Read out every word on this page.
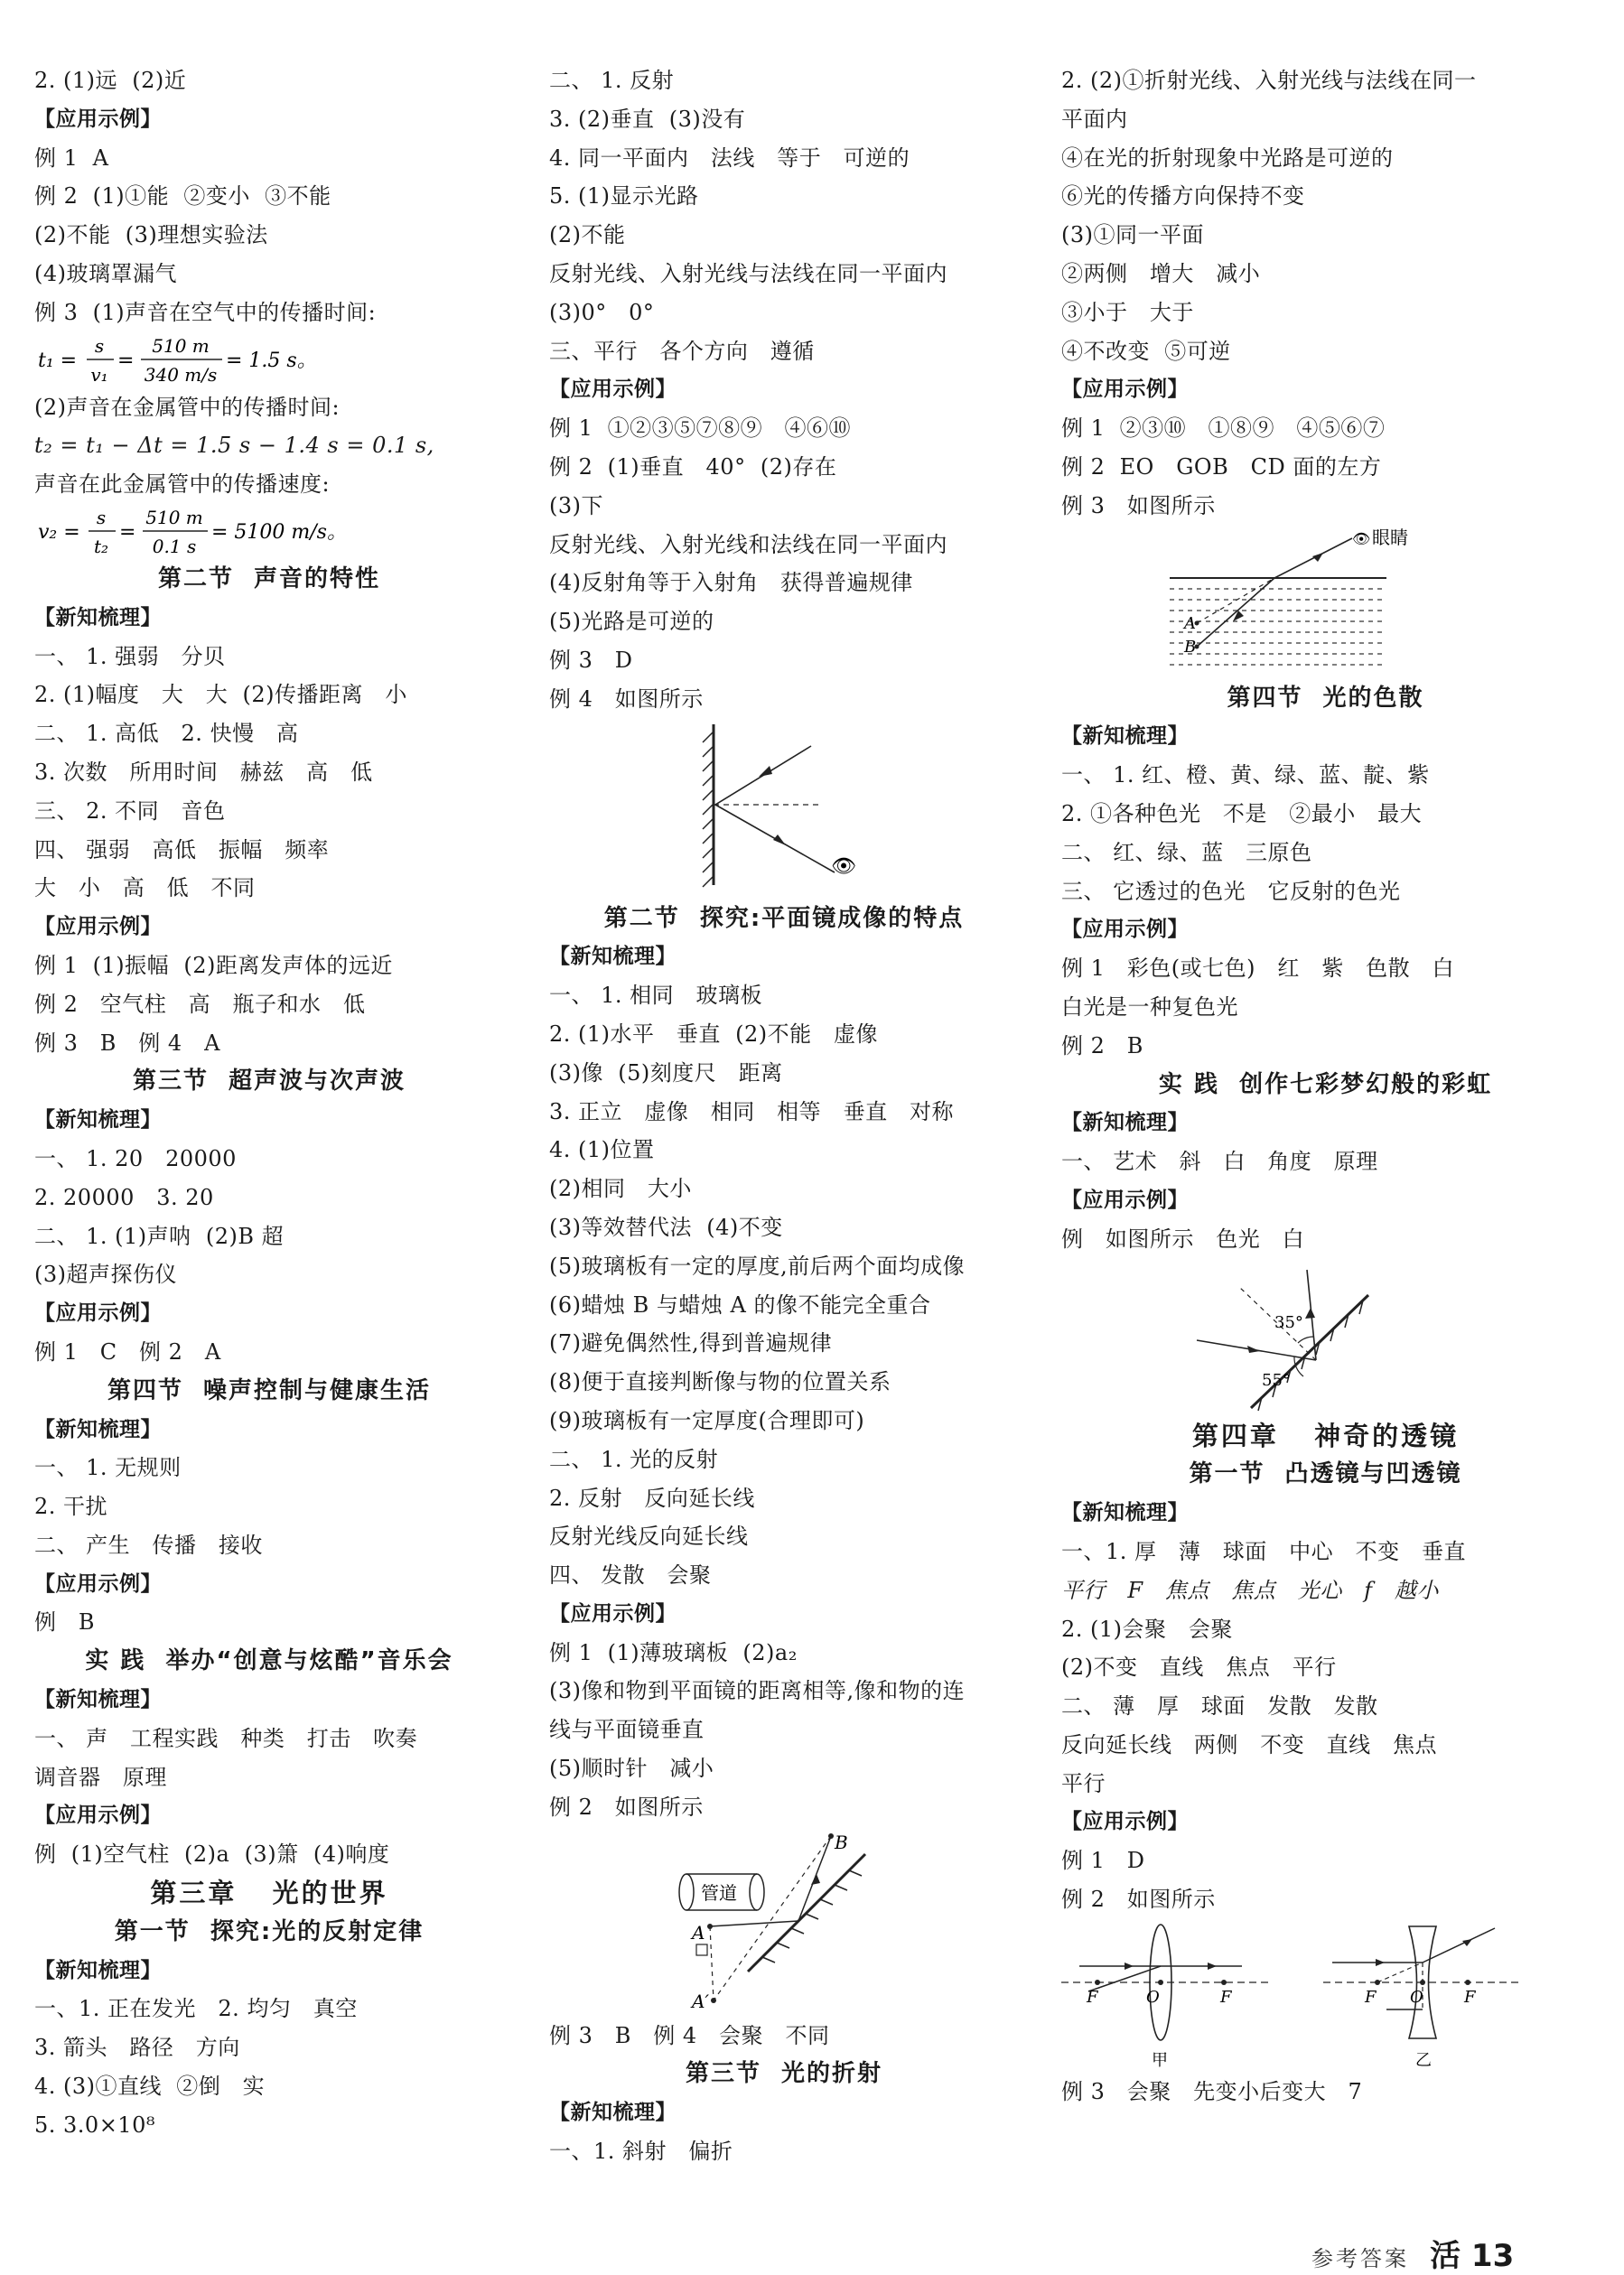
2. (1)远  (2)近
【应用示例】
例 1  A
例 2  (1)①能  ②变小  ③不能
(2)不能  (3)理想实验法
(4)玻璃罩漏气
例 3  (1)声音在空气中的传播时间:
t₁ =
s
v₁
=
510 m
340 m/s
= 1.5 s。
(2)声音在金属管中的传播时间:
t₂ = t₁ − Δt = 1.5 s − 1.4 s = 0.1 s,
声音在此金属管中的传播速度:
v₂ =
s
t₂
=
510 m
0.1 s
= 5100 m/s。
第二节  声音的特性
【新知梳理】
一、 1. 强弱   分贝
2. (1)幅度   大   大  (2)传播距离   小
二、 1. 高低   2. 快慢   高
3. 次数   所用时间   赫兹   高   低
三、 2. 不同   音色
四、 强弱   高低   振幅   频率
大   小   高   低   不同
【应用示例】
例 1  (1)振幅  (2)距离发声体的远近
例 2   空气柱   高   瓶子和水   低
例 3   B   例 4   A
第三节  超声波与次声波
【新知梳理】
一、 1. 20   20000
2. 20000   3. 20
二、 1. (1)声呐  (2)B 超
(3)超声探伤仪
【应用示例】
例 1   C   例 2   A
第四节  噪声控制与健康生活
【新知梳理】
一、 1. 无规则
2. 干扰
二、 产生   传播   接收
【应用示例】
例   B
实 践  举办“创意与炫酷”音乐会
【新知梳理】
一、 声   工程实践   种类   打击   吹奏
调音器   原理
【应用示例】
例  (1)空气柱  (2)a  (3)箫  (4)响度
第三章   光的世界
第一节  探究:光的反射定律
【新知梳理】
一、1. 正在发光   2. 均匀   真空
3. 箭头   路径   方向
4. (3)①直线  ②倒   实
5. 3.0×10⁸
二、 1. 反射
3. (2)垂直  (3)没有
4. 同一平面内   法线   等于   可逆的
5. (1)显示光路
(2)不能
反射光线、入射光线与法线在同一平面内
(3)0°   0°
三、平行   各个方向   遵循
【应用示例】
例 1  ①②③⑤⑦⑧⑨   ④⑥⑩
例 2  (1)垂直   40°  (2)存在
(3)下
反射光线、入射光线和法线在同一平面内
(4)反射角等于入射角   获得普遍规律
(5)光路是可逆的
例 3   D
例 4   如图所示
👁
第二节  探究:平面镜成像的特点
【新知梳理】
一、 1. 相同   玻璃板
2. (1)水平   垂直  (2)不能   虚像
(3)像  (5)刻度尺   距离
3. 正立   虚像   相同   相等   垂直   对称
4. (1)位置
(2)相同   大小
(3)等效替代法  (4)不变
(5)玻璃板有一定的厚度,前后两个面均成像
(6)蜡烛 B 与蜡烛 A 的像不能完全重合
(7)避免偶然性,得到普遍规律
(8)便于直接判断像与物的位置关系
(9)玻璃板有一定厚度(合理即可)
二、 1. 光的反射
2. 反射   反向延长线
反射光线反向延长线
四、 发散   会聚
【应用示例】
例 1  (1)薄玻璃板  (2)a₂
(3)像和物到平面镜的距离相等,像和物的连
线与平面镜垂直
(5)顺时针   减小
例 2   如图所示
管道
A
B
A′
例 3   B   例 4   会聚   不同
第三节  光的折射
【新知梳理】
一、1. 斜射   偏折
2. (2)①折射光线、入射光线与法线在同一
平面内
④在光的折射现象中光路是可逆的
⑥光的传播方向保持不变
(3)①同一平面
②两侧   增大   减小
③小于   大于
④不改变  ⑤可逆
【应用示例】
例 1  ②③⑩   ①⑧⑨   ④⑤⑥⑦
例 2  EO   GOB   CD 面的左方
例 3   如图所示
A
B
👁 眼睛
第四节  光的色散
【新知梳理】
一、 1. 红、橙、黄、绿、蓝、靛、紫
2. ①各种色光   不是   ②最小   最大
二、 红、绿、蓝   三原色
三、 它透过的色光   它反射的色光
【应用示例】
例 1   彩色(或七色)   红   紫   色散   白
白光是一种复色光
例 2   B
实 践  创作七彩梦幻般的彩虹
【新知梳理】
一、 艺术   斜   白   角度   原理
【应用示例】
例   如图所示   色光   白
35°
55°
第四章   神奇的透镜
第一节  凸透镜与凹透镜
【新知梳理】
一、1. 厚   薄   球面   中心   不变   垂直
平行   F   焦点   焦点   光心   f   越小
2. (1)会聚   会聚
(2)不变   直线   焦点   平行
二、 薄   厚   球面   发散   发散
反向延长线   两侧   不变   直线   焦点
平行
【应用示例】
例 1   D
例 2   如图所示
F	O	F
甲
F O	F
乙
例 3   会聚   先变小后变大   7
参考答案 活 13
